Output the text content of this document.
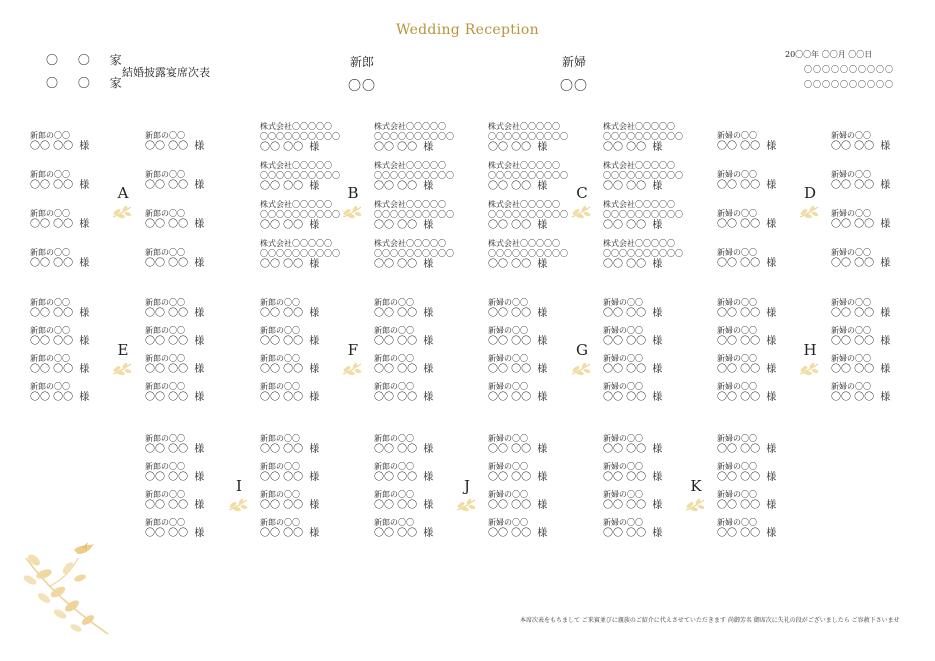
Wedding Reception
〇 〇 家
〇 〇 家
結婚披露宴席次表
新郎
〇〇
新婦
〇〇
20〇〇年 〇〇月 〇〇日
〇〇〇〇〇〇〇〇〇〇
〇〇〇〇〇〇〇〇〇〇
A
新郎の〇〇
〇〇 〇〇 様
新郎の〇〇
〇〇 〇〇 様
新郎の〇〇
〇〇 〇〇 様
新郎の〇〇
〇〇 〇〇 様
新郎の〇〇
〇〇 〇〇 様
新郎の〇〇
〇〇 〇〇 様
新郎の〇〇
〇〇 〇〇 様
新郎の〇〇
〇〇 〇〇 様
B
株式会社〇〇〇〇〇
〇〇〇〇〇〇〇〇〇〇
〇〇 〇〇 様
株式会社〇〇〇〇〇
〇〇〇〇〇〇〇〇〇〇
〇〇 〇〇 様
株式会社〇〇〇〇〇
〇〇〇〇〇〇〇〇〇〇
〇〇 〇〇 様
株式会社〇〇〇〇〇
〇〇〇〇〇〇〇〇〇〇
〇〇 〇〇 様
株式会社〇〇〇〇〇
〇〇〇〇〇〇〇〇〇〇
〇〇 〇〇 様
株式会社〇〇〇〇〇
〇〇〇〇〇〇〇〇〇〇
〇〇 〇〇 様
株式会社〇〇〇〇〇
〇〇〇〇〇〇〇〇〇〇
〇〇 〇〇 様
株式会社〇〇〇〇〇
〇〇〇〇〇〇〇〇〇〇
〇〇 〇〇 様
C
株式会社〇〇〇〇〇
〇〇〇〇〇〇〇〇〇〇
〇〇 〇〇 様
株式会社〇〇〇〇〇
〇〇〇〇〇〇〇〇〇〇
〇〇 〇〇 様
株式会社〇〇〇〇〇
〇〇〇〇〇〇〇〇〇〇
〇〇 〇〇 様
株式会社〇〇〇〇〇
〇〇〇〇〇〇〇〇〇〇
〇〇 〇〇 様
株式会社〇〇〇〇〇
〇〇〇〇〇〇〇〇〇〇
〇〇 〇〇 様
株式会社〇〇〇〇〇
〇〇〇〇〇〇〇〇〇〇
〇〇 〇〇 様
株式会社〇〇〇〇〇
〇〇〇〇〇〇〇〇〇〇
〇〇 〇〇 様
株式会社〇〇〇〇〇
〇〇〇〇〇〇〇〇〇〇
〇〇 〇〇 様
D
新婦の〇〇
〇〇 〇〇 様
新婦の〇〇
〇〇 〇〇 様
新婦の〇〇
〇〇 〇〇 様
新婦の〇〇
〇〇 〇〇 様
新婦の〇〇
〇〇 〇〇 様
新婦の〇〇
〇〇 〇〇 様
新婦の〇〇
〇〇 〇〇 様
新婦の〇〇
〇〇 〇〇 様
E
新郎の〇〇
〇〇 〇〇 様
新郎の〇〇
〇〇 〇〇 様
新郎の〇〇
〇〇 〇〇 様
新郎の〇〇
〇〇 〇〇 様
新郎の〇〇
〇〇 〇〇 様
新郎の〇〇
〇〇 〇〇 様
新郎の〇〇
〇〇 〇〇 様
新郎の〇〇
〇〇 〇〇 様
F
新郎の〇〇
〇〇 〇〇 様
新郎の〇〇
〇〇 〇〇 様
新郎の〇〇
〇〇 〇〇 様
新郎の〇〇
〇〇 〇〇 様
新郎の〇〇
〇〇 〇〇 様
新郎の〇〇
〇〇 〇〇 様
新郎の〇〇
〇〇 〇〇 様
新郎の〇〇
〇〇 〇〇 様
G
新婦の〇〇
〇〇 〇〇 様
新婦の〇〇
〇〇 〇〇 様
新婦の〇〇
〇〇 〇〇 様
新婦の〇〇
〇〇 〇〇 様
新婦の〇〇
〇〇 〇〇 様
新婦の〇〇
〇〇 〇〇 様
新婦の〇〇
〇〇 〇〇 様
新婦の〇〇
〇〇 〇〇 様
H
新婦の〇〇
〇〇 〇〇 様
新婦の〇〇
〇〇 〇〇 様
新婦の〇〇
〇〇 〇〇 様
新婦の〇〇
〇〇 〇〇 様
新婦の〇〇
〇〇 〇〇 様
新婦の〇〇
〇〇 〇〇 様
新婦の〇〇
〇〇 〇〇 様
新婦の〇〇
〇〇 〇〇 様
I
新郎の〇〇
〇〇 〇〇 様
新郎の〇〇
〇〇 〇〇 様
新郎の〇〇
〇〇 〇〇 様
新郎の〇〇
〇〇 〇〇 様
新郎の〇〇
〇〇 〇〇 様
新郎の〇〇
〇〇 〇〇 様
新郎の〇〇
〇〇 〇〇 様
新郎の〇〇
〇〇 〇〇 様
J
新郎の〇〇
〇〇 〇〇 様
新郎の〇〇
〇〇 〇〇 様
新郎の〇〇
〇〇 〇〇 様
新郎の〇〇
〇〇 〇〇 様
新婦の〇〇
〇〇 〇〇 様
新婦の〇〇
〇〇 〇〇 様
新婦の〇〇
〇〇 〇〇 様
新婦の〇〇
〇〇 〇〇 様
K
新婦の〇〇
〇〇 〇〇 様
新婦の〇〇
〇〇 〇〇 様
新婦の〇〇
〇〇 〇〇 様
新婦の〇〇
〇〇 〇〇 様
新婦の〇〇
〇〇 〇〇 様
新婦の〇〇
〇〇 〇〇 様
新婦の〇〇
〇〇 〇〇 様
新婦の〇〇
〇〇 〇〇 様
本席次表をもちまして ご来賓並びに親族のご紹介に代えさせていただきます 尚御芳名 御席次に失礼の段がございましたら ご容赦下さいませ
